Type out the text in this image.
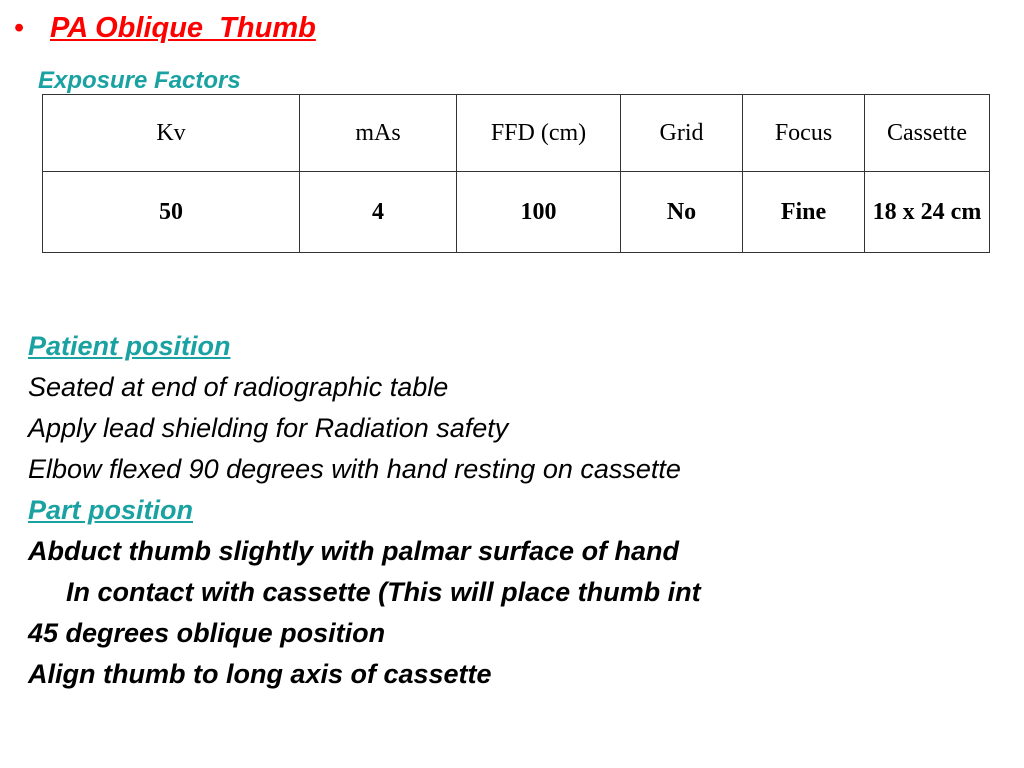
• PA Oblique  Thumb
Exposure Factors
Kv	mAs	FFD (cm)	Grid	Focus	Cassette
50	4	100	No	Fine	18 x 24 cm
Patient position
Seated at end of radiographic table
Apply lead shielding for Radiation safety
Elbow flexed 90 degrees with hand resting on cassette
Part position
Abduct thumb slightly with palmar surface of hand
In contact with cassette (This will place thumb int
45 degrees oblique position
Align thumb to long axis of cassette
